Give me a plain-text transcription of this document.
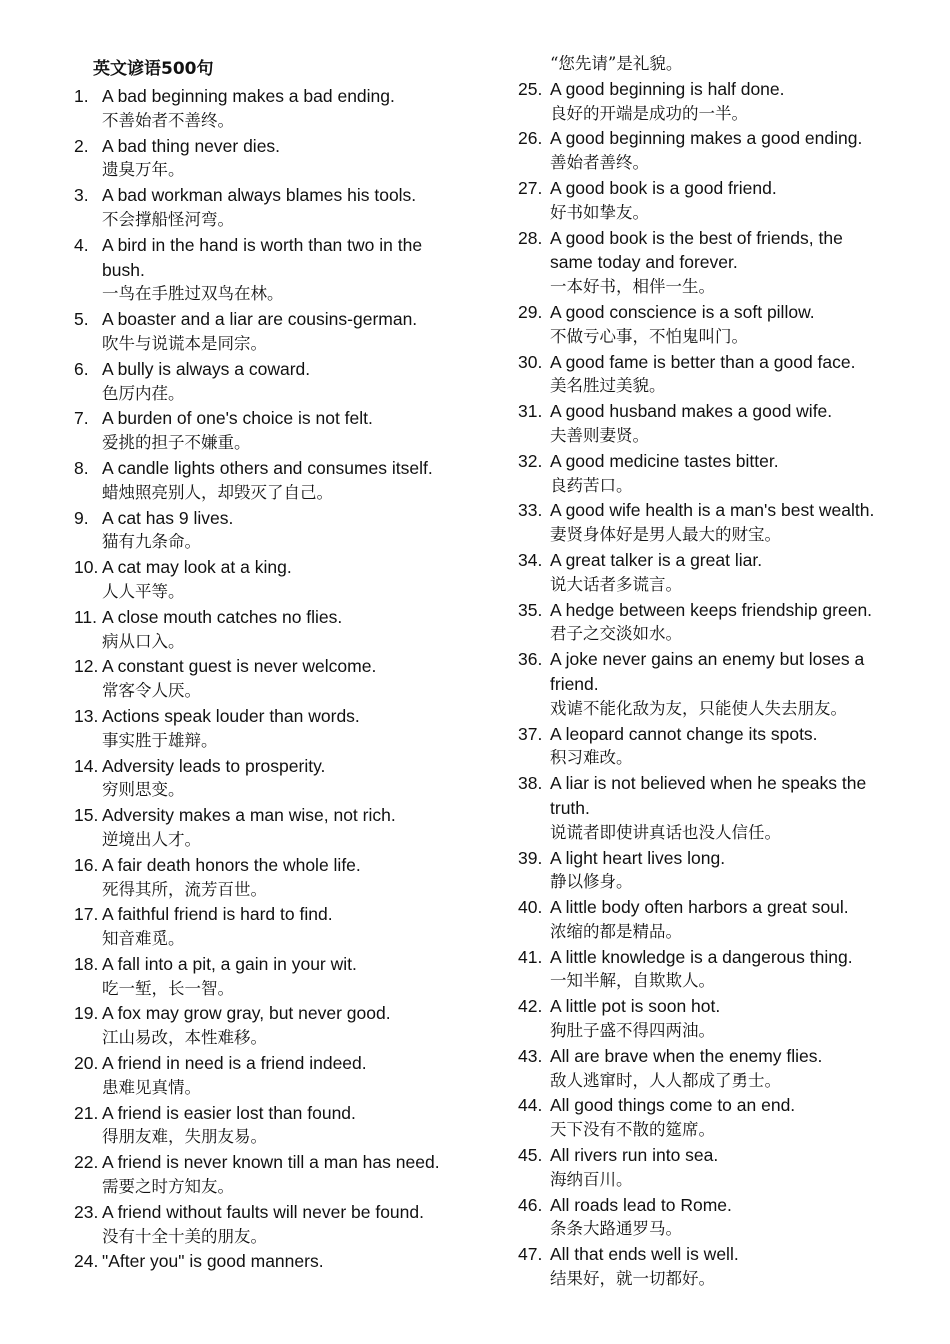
英文谚语500句
1. A bad beginning makes a bad ending.
不善始者不善终。
2. A bad thing never dies.
遗臭万年。
3. A bad workman always blames his tools.
不会撑船怪河弯。
4. A bird in the hand is worth than two in the
bush.
一鸟在手胜过双鸟在林。
5. A boaster and a liar are cousins-german.
吹牛与说谎本是同宗。
6. A bully is always a coward.
色厉内荏。
7. A burden of one's choice is not felt.
爱挑的担子不嫌重。
8. A candle lights others and consumes itself.
蜡烛照亮别人，却毁灭了自己。
9. A cat has 9 lives.
猫有九条命。
10. A cat may look at a king.
人人平等。
11. A close mouth catches no flies.
病从口入。
12. A constant guest is never welcome.
常客令人厌。
13. Actions speak louder than words.
事实胜于雄辩。
14. Adversity leads to prosperity.
穷则思变。
15. Adversity makes a man wise, not rich.
逆境出人才。
16. A fair death honors the whole life.
死得其所，流芳百世。
17. A faithful friend is hard to find.
知音难觅。
18. A fall into a pit, a gain in your wit.
吃一堑，长一智。
19. A fox may grow gray, but never good.
江山易改，本性难移。
20. A friend in need is a friend indeed.
患难见真情。
21. A friend is easier lost than found.
得朋友难，失朋友易。
22. A friend is never known till a man has need.
需要之时方知友。
23. A friend without faults will never be found.
没有十全十美的朋友。
24. "After you" is good manners.
“您先请”是礼貌。
25. A good beginning is half done.
良好的开端是成功的一半。
26. A good beginning makes a good ending.
善始者善终。
27. A good book is a good friend.
好书如挚友。
28. A good book is the best of friends, the
same today and forever.
一本好书，相伴一生。
29. A good conscience is a soft pillow.
不做亏心事，不怕鬼叫门。
30. A good fame is better than a good face.
美名胜过美貌。
31. A good husband makes a good wife.
夫善则妻贤。
32. A good medicine tastes bitter.
良药苦口。
33. A good wife health is a man's best wealth.
妻贤身体好是男人最大的财宝。
34. A great talker is a great liar.
说大话者多谎言。
35. A hedge between keeps friendship green.
君子之交淡如水。
36. A joke never gains an enemy but loses a
friend.
戏谑不能化敌为友，只能使人失去朋友。
37. A leopard cannot change its spots.
积习难改。
38. A liar is not believed when he speaks the
truth.
说谎者即使讲真话也没人信任。
39. A light heart lives long.
静以修身。
40. A little body often harbors a great soul.
浓缩的都是精品。
41. A little knowledge is a dangerous thing.
一知半解，自欺欺人。
42. A little pot is soon hot.
狗肚子盛不得四两油。
43. All are brave when the enemy flies.
敌人逃窜时，人人都成了勇士。
44. All good things come to an end.
天下没有不散的筵席。
45. All rivers run into sea.
海纳百川。
46. All roads lead to Rome.
条条大路通罗马。
47. All that ends well is well.
结果好，就一切都好。
